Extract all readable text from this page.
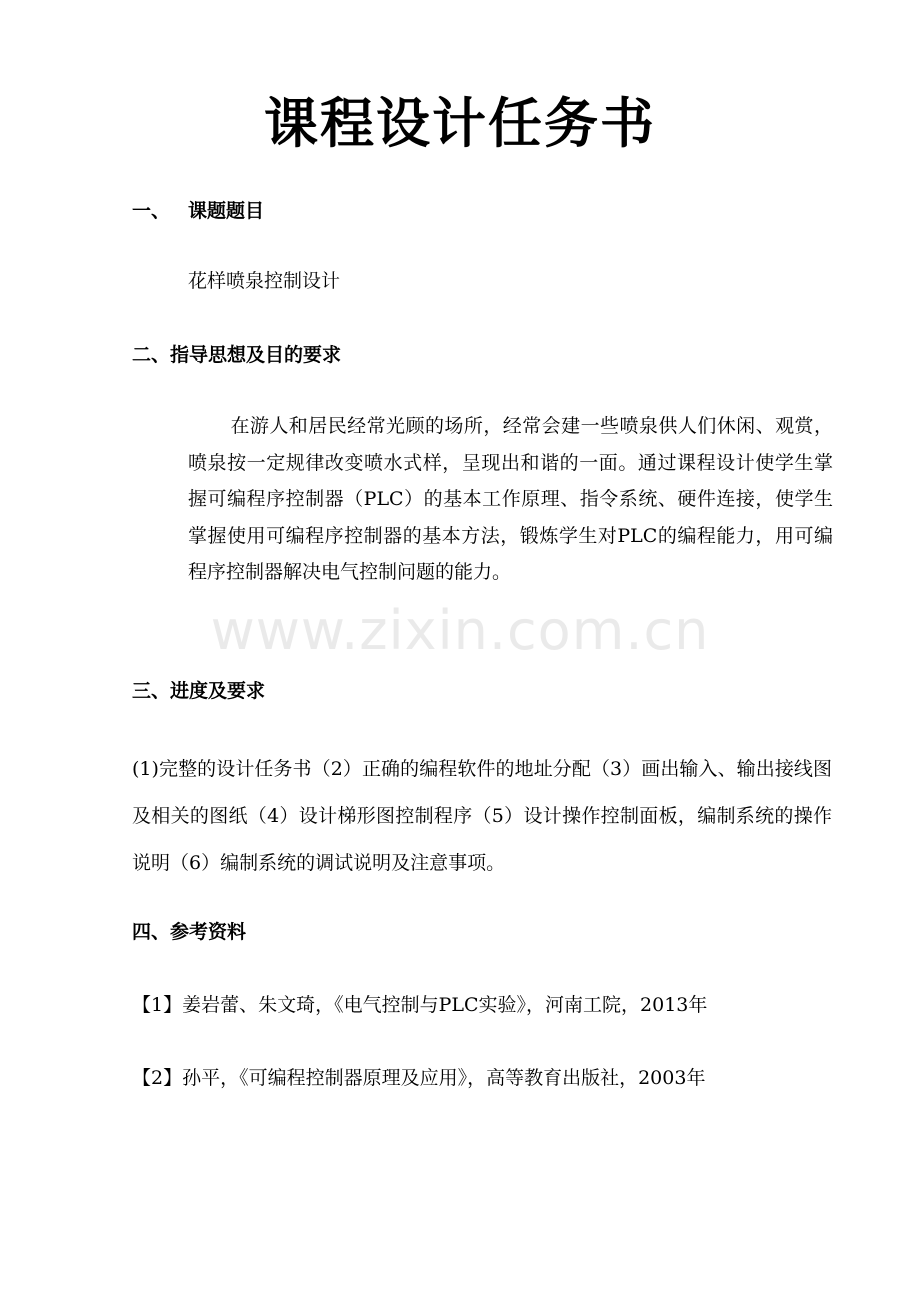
课程设计任务书
一、 课题题目

花样喷泉控制设计

二、指导思想及目的要求

在游人和居民经常光顾的场所，经常会建一些喷泉供人们休闲、观赏，喷泉按一定规律改变喷水式样，呈现出和谐的一面。通过课程设计使学生掌握可编程序控制器（PLC）的基本工作原理、指令系统、硬件连接，使学生掌握使用可编程序控制器的基本方法，锻炼学生对PLC的编程能力，用可编程序控制器解决电气控制问题的能力。

www.zixin.com.cn
三、进度及要求

(1)完整的设计任务书（2）正确的编程软件的地址分配（3）画出输入、输出接线图及相关的图纸（4）设计梯形图控制程序（5）设计操作控制面板，编制系统的操作说明（6）编制系统的调试说明及注意事项。

四、参考资料

【1】姜岩蕾、朱文琦，《电气控制与PLC实验》，河南工院，2013年

【2】孙平，《可编程控制器原理及应用》，高等教育出版社，2003年
